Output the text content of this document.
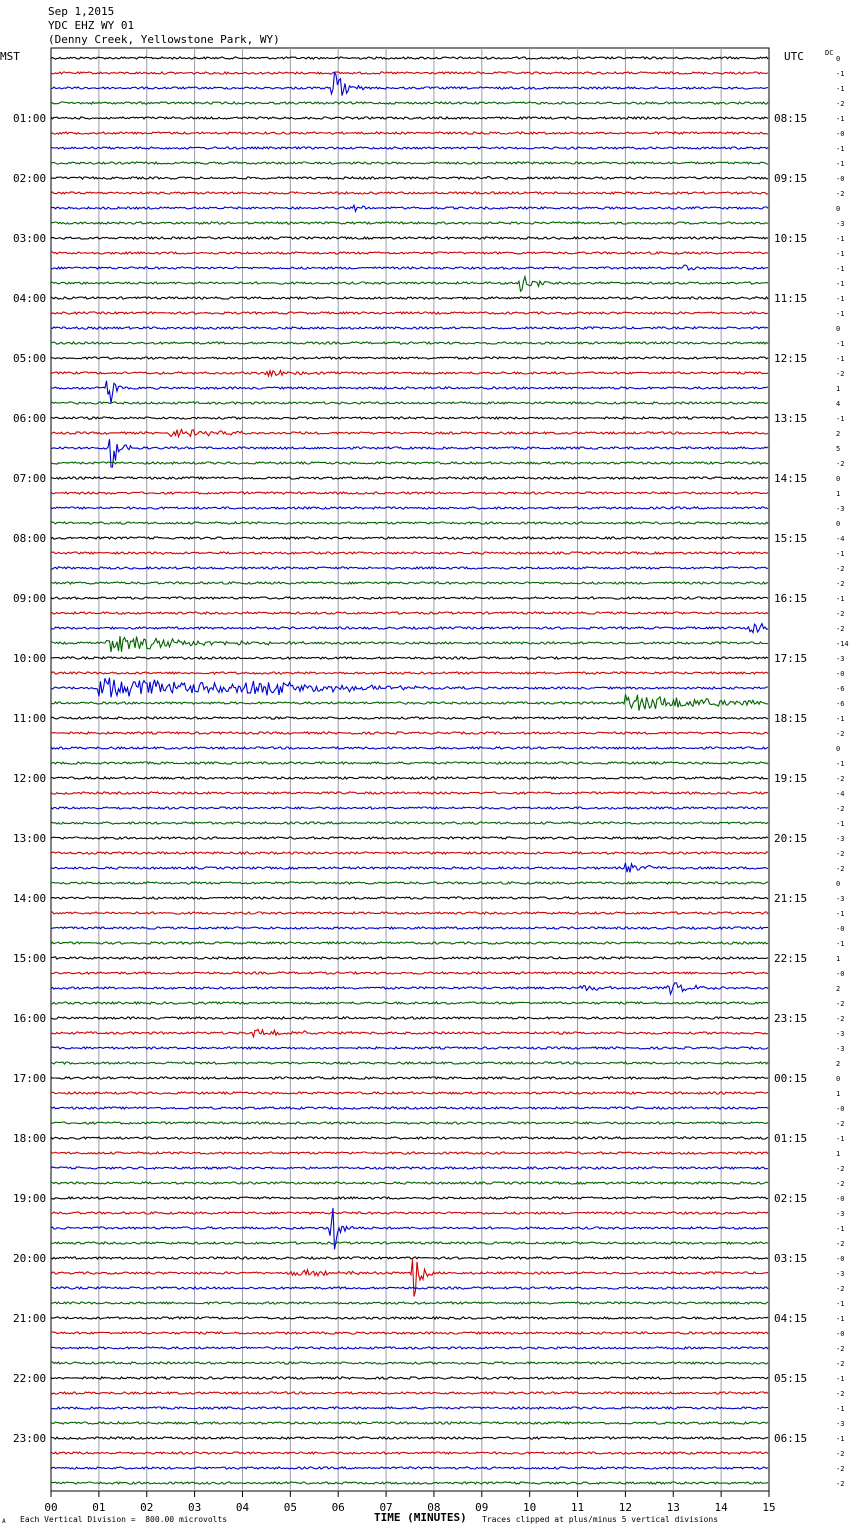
Sep 1,2015
YDC EHZ WY 01
(Denny Creek, Yellowstone Park, WY)
0
-1
-1
-2
-1
-0
-1
-1
-0
-2
0
-3
-1
-1
-1
-1
-1
-1
0
-1
-1
-2
1
4
-1
2
5
-2
0
1
-3
0
-4
-1
-2
-2
-1
-2
-2
-14
-3
-0
-6
-6
-1
-2
0
-1
-2
-4
-2
-1
-3
-2
-2
0
-3
-1
-0
-1
1
-0
2
-2
-2
-3
-3
2
0
1
-0
-2
-1
1
-2
-2
-0
-3
-1
-2
-0
-3
-2
-1
-1
-0
-2
-2
-1
-2
-1
-3
-1
-2
-2
-2
01:00	08:15
02:00	09:15
03:00	10:15
04:00	11:15
05:00	12:15
06:00	13:15
07:00	14:15
08:00	15:15
09:00	16:15
10:00	17:15
11:00	18:15
12:00	19:15
13:00	20:15
14:00	21:15
15:00	22:15
16:00	23:15
17:00	00:15
18:00	01:15
19:00	02:15
20:00	03:15
21:00	04:15
22:00	05:15
23:00	06:15
00	01	02	03	04	05	06	07	08	09	10	11	12	13	14	15
MST	UTC	DC
А Each Vertical Division =  800.00 microvolts	TIME (MINUTES) Traces clipped at plus/minus 5 vertical divisions
